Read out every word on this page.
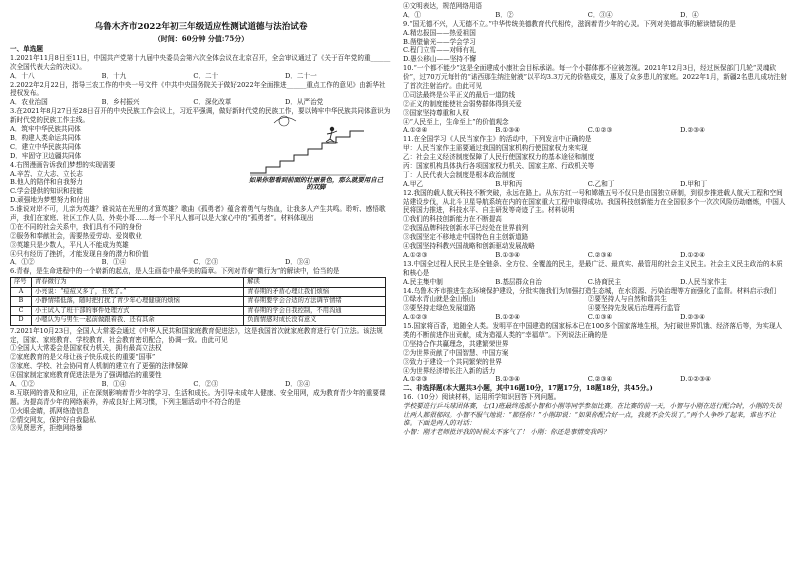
乌鲁木齐市2022年初三年级适应性测试道德与法治试卷
（时间：60分钟 分值:75分）

一、单选题

1.2021年11月8日至11日，中国共产党第十九届中央委员会第六次全体会议在北京召开，全会审议通过了《关于百年党的重______次全国代表大会的决议》。

A．十八	B．十九	C．二十	D．二十一

2.2022年2月22日，指导三农工作的中央一号文件《中共中央国务院关于做好2022年全面推进______重点工作的意见》由新华社授权发布。

A．农业治国	B．乡村振兴	C．深化改革	D．从严治党

3.在2021年8月27日至28日召开的中央民族工作会议上，习近平强调，做好新时代党的民族工作，要以铸牢中华民族共同体意识为新时代党的民族工作主线。

A．筑牢中华民族共同体

B．构建人类命运共同体

C．建立中华民族共同体

D．牢固守卫边疆共同体

如果你想看到前面的壮丽景色，那么就要用自己的双脚

4.右图漫画告诉我们梦想的实现需要

A.辛苦、立大志、立长志

B.他人的陪伴和自我努力

C.学会提供的知识和技能

D.顽强地为梦想努力和付出

5.谁说对岸不可，儿亲为英雄？谁说站在光里的才算英雄？歌曲《孤勇者》蕴含着勇气与热血，让我多人产生共鸣。聆听、感悟歌声，我们在家庭、社区工作人员、外卖小哥……每一个平凡人都可以是大家心中的“孤勇者”。材料体现出

①在不同的社会关系中，我们具有不同的身份

②服务和奉献社会，需要热爱劳动、爱岗敬业

③英雄只是少数人，平凡人不能成为英雄

④只有经历了挫折，才能发现自身的潜力和价值

A．①②	B．①④	C．②③	D．③④

6.青春，是生命进程中的一个崭新的起点，是人生画卷中最华美的篇章。下列对青春“微行为”的解读中，恰当的是

序号	青春微行为	解读
A	小亮说：“痘痘又多了，丑死了。”	青春期的矛盾心理让我们烦恼
B	小静情绪低落，随时把打扰了青少年心理健康的烦恼	青春期要学会合适的方法调节情绪
C	小王试入了班干部的事件处理方式	青春期的学会自我控制，不用沟通
D	小嗯认为与男生一起前做跟着我、还有其余	负面情感对成长没有意义

7.2021年10月23日，全国人大常委会通过《中华人民共和国家庭教育促进法》，这是我国首次就家庭教育进行专门立法。该法规定，国家、家庭教育、学校教育、社会教育密切配合，协调一致。由此可见

①全国人大常委会是国家权力机关，拥有最高立法权

②家庭教育的是父母让孩子快乐成长的重要“国事”

③家庭、学校、社会协同育人机制的建立有了更强的法律保障

④国家制定家庭教育促进法是为了强调德治的重要性

A．①②	B．①④	C．②③	D．③④

8.互联网的普及和应用，正在深刻影响着青少年的学习、生活和成长。为引导未成年人健康、安全用网，成为教育青少年的重要课题。为提高青少年的网络素养，养成良好上网习惯，下列主题活动中不符合的是

①火眼金睛，抓网络造信息

②情交网友，保护好自我隐私

③见贤思齐，拒绝网络暴

④文明表达，规范网络用语

A．①	B．②	C．③④	D．④

9.“国无德不兴，人无德不立。”中华传统美德教育代代相传，滋润着青少年的心灵。下列对美德故事的解读错误的是

A.精忠报国——热爱祖国

B.凿壁偷光——学会学习

C.程门立雪——对师有礼

D.愚公移山——坚持不懈

10.“一个都不能少”这是全面建成小康社会目标承诺。每一个小群体都不应被忽视。2021年12月3日，经过医保部门几轮“灵魂砍价”，过70万元每针的“诺西那生纳注射液”以平均3.3万元的价格成交，惠及了众多患儿的家庭。2022年1月，新疆2名患儿成功注射了首次注射治疗。由此可见

①司法最终是公平正义的最后一道防线

②正义的制度能使社会弱势群体得到关爱

③国家坚持尊重和人权

④“人民至上，生命至上”的价值观念

A.①②④	B.①③④	C.①②③	D.②③④

11.在全国学习《人民当家作主》的活动中，下列发言中正确的是

甲：人民当家作主需要通过我国的国家机构行使国家权力来实现

乙：社会主义经济制度保障了人民行使国家权力的基本途径和制度

丙：国家机构具体执行各项国家权力机关、国家主席、行政机关等

丁：人民代表大会制度是根本政治制度

A.甲乙	B.甲和丙	C.乙和丁	D.甲和丁

12.我国的载人航天科技不断突破，永远在路上。从东方红一号和嫦娥五号不仅只是由国独立研制，到很步推进载人航天工程和空间站建设步伐，从北斗卫星导航系统在内的在国家重大工程中取得成功。我国科技创新能力在全国很多个一次次风险历劫磨炼，中国人民将国力推进，科技水平、自主研发等奇迹了主。材料说明

①我们的科技创新能力在不断提高

②我国品牌科技创新水平已经处在世界前列

③我国坚定不移地走中国特色自主创新道路

④我国坚持科教兴国战略和创新驱动发展战略

A.①②③	B.①③④	C.②③④	D.①②④

13.中国全过程人民民主是全链条、全方位、全覆盖的民主，是最广泛、最真实、最管用的社会主义民主。社会主义民主政治的本质和核心是

A.民主集中制	B.基层群众自治	C.协商民主	D.人民当家作主

14.乌鲁木齐市推进生态环境保护建设，分批实施我们为加强打造生态城，在水资源、污染治理等方面强化了监督。材料启示我们

①绿水青山就是金山银山	②要坚持人与自然和谐共生
③要坚持走绿色发展道路	④要坚持先发展后治理再行监管
A.①②③	B.①②④	C.①③④	D.②③④

15.国家将百香，追随全人类。发明平在中国建造的国家标本已在100多个国家落地生根，为打破世界饥饿、经济落后等，为实现人类的不断前进作出贡献，成为造福人类的“幸福草”。下列说法正确的是

①坚持合作共赢理念，共建繁荣世界

②为世界贡献了中国智慧、中国方案

③致力于建设一个共同繁荣的世界

④为世界经济增长注入新的活力

A.①②③	B.①③④	C.②③④	D.①②③④

二、非选择题(本大题共3小题，其中16题10分，17题17分，18题18分，共45分。)

16.（10分）阅读材料，运用所学知识回答下列问题。

学校要进行乒乓球团体赛，七(1)班最终选派小智和小刚等同学参加比赛。在比赛的前一天，小智与小刚在进行配合时，小刚的失误让两人都很郁闷。小智不服气地说：“都怪你！”小刚却说：“如果你配合好一点，我就不会失误了。”两个人争吵了起来，谁也不让谁。下面是两人的对话：

小智：刚才老师批评我的时候太不客气了！ 小刚：你还是事情变我吗？
